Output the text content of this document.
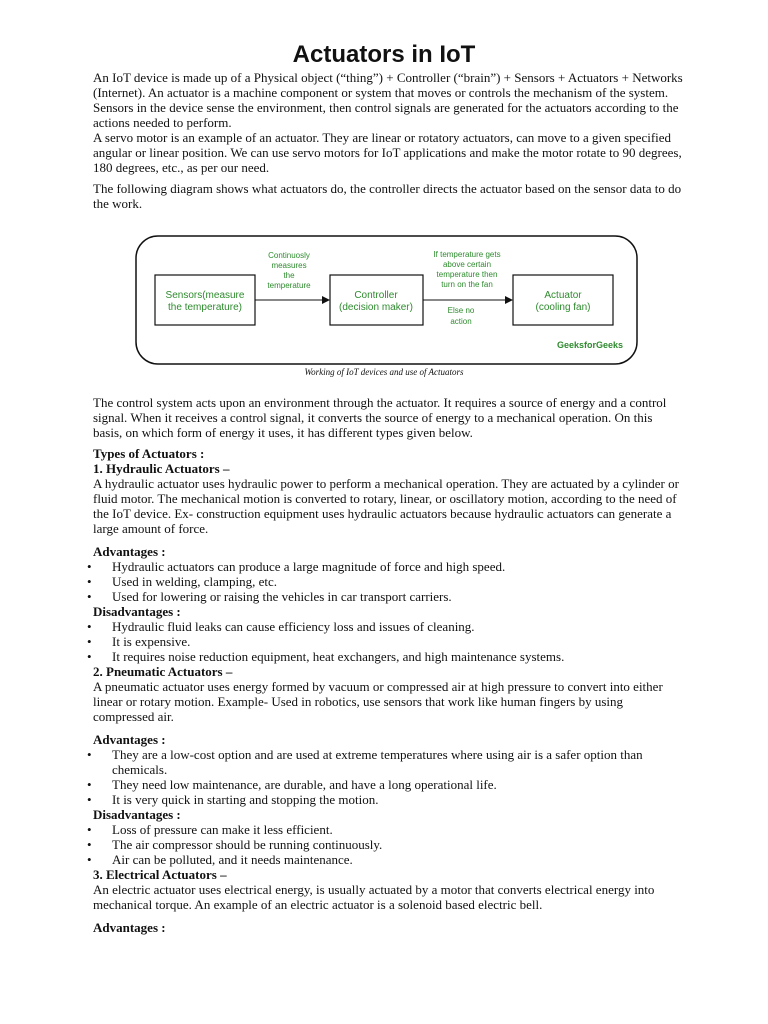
Actuators in IoT

An IoT device is made up of a Physical object (“thing”) + Controller (“brain”) + Sensors + Actuators + Networks (Internet). An actuator is a machine component or system that moves or controls the mechanism of the system. Sensors in the device sense the environment, then control signals are generated for the actuators according to the actions needed to perform.

A servo motor is an example of an actuator. They are linear or rotatory actuators, can move to a given specified angular or linear position. We can use servo motors for IoT applications and make the motor rotate to 90 degrees, 180 degrees, etc., as per our need.

The following diagram shows what actuators do, the controller directs the actuator based on the sensor data to do the work.

Sensors(measure
the temperature)
Controller
(decision maker)
Actuator
(cooling fan)
Continuosly
measures
the
temperature
If temperature gets
above certain
temperature then
turn on the fan
Else no
action
GeeksforGeeks
Working of IoT devices and use of Actuators

The control system acts upon an environment through the actuator. It requires a source of energy and a control signal. When it receives a control signal, it converts the source of energy to a mechanical operation. On this basis, on which form of energy it uses, it has different types given below.

Types of Actuators :

1. Hydraulic Actuators –

A hydraulic actuator uses hydraulic power to perform a mechanical operation. They are actuated by a cylinder or fluid motor. The mechanical motion is converted to rotary, linear, or oscillatory motion, according to the need of the IoT device. Ex- construction equipment uses hydraulic actuators because hydraulic actuators can generate a large amount of force.

Advantages :

• Hydraulic actuators can produce a large magnitude of force and high speed.
• Used in welding, clamping, etc.
• Used for lowering or raising the vehicles in car transport carriers.

Disadvantages :

• Hydraulic fluid leaks can cause efficiency loss and issues of cleaning.
• It is expensive.
• It requires noise reduction equipment, heat exchangers, and high maintenance systems.

2. Pneumatic Actuators –

A pneumatic actuator uses energy formed by vacuum or compressed air at high pressure to convert into either linear or rotary motion. Example- Used in robotics, use sensors that work like human fingers by using compressed air.

Advantages :

• They are a low-cost option and are used at extreme temperatures where using air is a safer option than chemicals.
• They need low maintenance, are durable, and have a long operational life.
• It is very quick in starting and stopping the motion.

Disadvantages :

• Loss of pressure can make it less efficient.
• The air compressor should be running continuously.
• Air can be polluted, and it needs maintenance.

3. Electrical Actuators –

An electric actuator uses electrical energy, is usually actuated by a motor that converts electrical energy into mechanical torque. An example of an electric actuator is a solenoid based electric bell.

Advantages :
